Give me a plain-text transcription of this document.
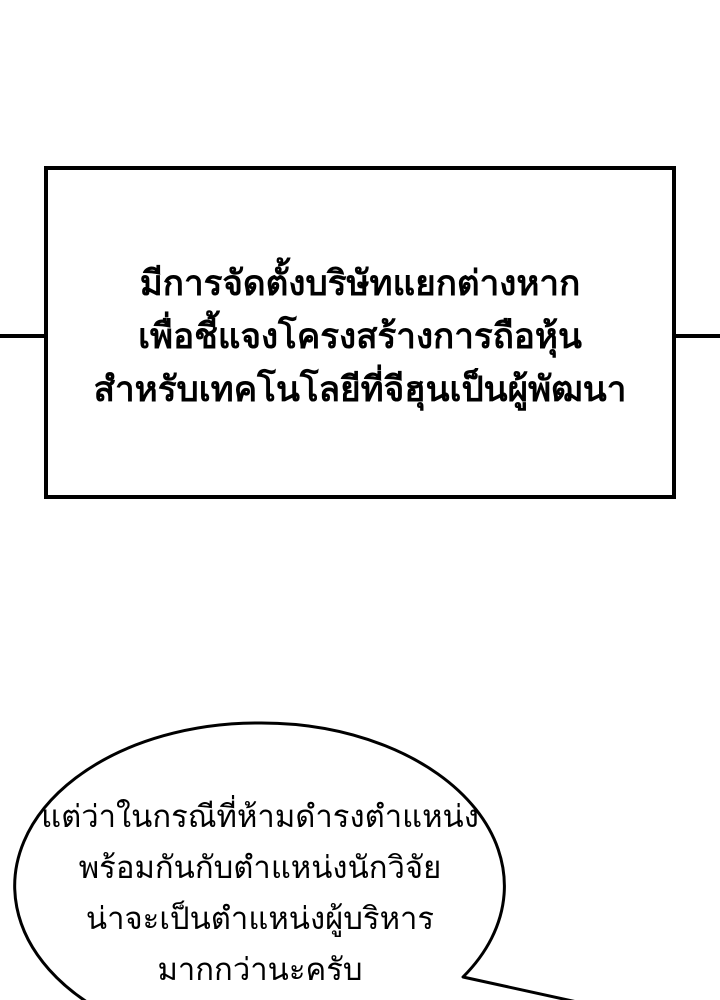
มีการจัดตั้งบริษัทแยกต่างหาก
เพื่อชี้แจงโครงสร้างการถือหุ้น
สำหรับเทคโนโลยีที่จีฮุนเป็นผู้พัฒนา
แต่ว่าในกรณีที่ห้ามดำรงตำแหน่ง
พร้อมกันกับตำแหน่งนักวิจัย
น่าจะเป็นตำแหน่งผู้บริหาร
มากกว่านะครับ
